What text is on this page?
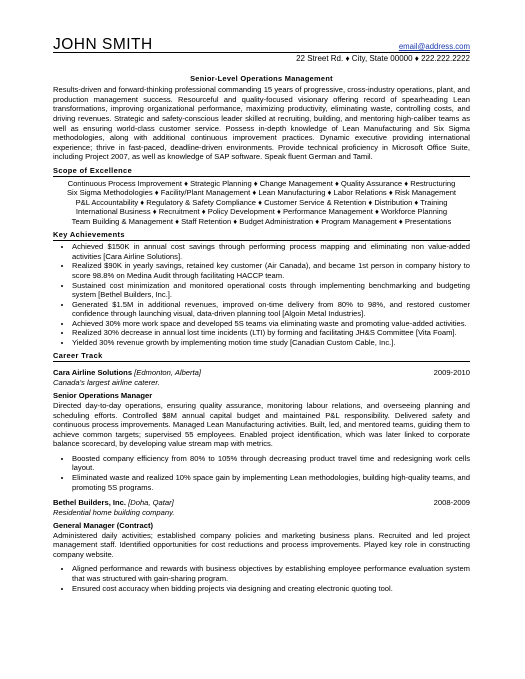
JOHN SMITH	email@address.com
22 Street Rd. ♦ City, State 00000 ♦ 222.222.2222
Senior-Level Operations Management
Results-driven and forward-thinking professional commanding 15 years of progressive, cross-industry operations, plant, and production management success. Resourceful and quality-focused visionary offering record of spearheading Lean transformations, improving organizational performance, maximizing productivity, eliminating waste, controlling costs, and driving revenues. Strategic and safety-conscious leader skilled at recruiting, building, and mentoring high-caliber teams as well as ensuring world-class customer service. Possess in-depth knowledge of Lean Manufacturing and Six Sigma methodologies, along with additional continuous improvement practices. Dynamic executive providing international experience; thrive in fast-paced, deadline-driven environments. Provide technical proficiency in Microsoft Office Suite, including Project 2007, as well as knowledge of SAP software. Speak fluent German and Tamil.
Scope of Excellence
Continuous Process Improvement ♦ Strategic Planning ♦ Change Management ♦ Quality Assurance ♦ Restructuring
Six Sigma Methodologies ♦ Facility/Plant Management ♦ Lean Manufacturing ♦ Labor Relations ♦ Risk Management
P&L Accountability ♦ Regulatory & Safety Compliance ♦ Customer Service & Retention ♦ Distribution ♦ Training
International Business ♦ Recruitment ♦ Policy Development ♦ Performance Management ♦ Workforce Planning
Team Building & Management ♦ Staff Retention ♦ Budget Administration ♦ Program Management ♦ Presentations
Key Achievements
• Achieved $150K in annual cost savings through performing process mapping and eliminating non value-added activities [Cara Airline Solutions].
• Realized $90K in yearly savings, retained key customer (Air Canada), and became 1st person in company history to score 98.8% on Medina Audit through facilitating HACCP team.
• Sustained cost minimization and monitored operational costs through implementing benchmarking and budgeting system [Bethel Builders, Inc.].
• Generated $1.5M in additional revenues, improved on-time delivery from 80% to 98%, and restored customer confidence through launching visual, data-driven planning tool [Algoin Metal Industries].
• Achieved 30% more work space and developed 5S teams via eliminating waste and promoting value-added activities.
• Realized 30% decrease in annual lost time incidents (LTI) by forming and facilitating JH&S Committee [Vita Foam].
• Yielded 30% revenue growth by implementing motion time study [Canadian Custom Cable, Inc.].
Career Track
Cara Airline Solutions [Edmonton, Alberta]	2009-2010
Canada's largest airline caterer.
Senior Operations Manager
Directed day-to-day operations, ensuring quality assurance, monitoring labour relations, and overseeing planning and scheduling efforts. Controlled $8M annual capital budget and maintained P&L responsibility. Delivered safety and continuous process improvements. Managed Lean Manufacturing activities. Built, led, and mentored teams, guiding them to achieve common targets; supervised 55 employees. Enabled project identification, which was later linked to corporate balance scorecard, by developing value stream map with metrics.
• Boosted company efficiency from 80% to 105% through decreasing product travel time and redesigning work cells layout.
• Eliminated waste and realized 10% space gain by implementing Lean methodologies, building high-quality teams, and promoting 5S programs.
Bethel Builders, Inc. [Doha, Qatar]	2008-2009
Residential home building company.
General Manager (Contract)
Administered daily activities; established company policies and marketing business plans. Recruited and led project management staff. Identified opportunities for cost reductions and process improvements. Played key role in constructing company website.
• Aligned performance and rewards with business objectives by establishing employee performance evaluation system that was structured with gain-sharing program.
• Ensured cost accuracy when bidding projects via designing and creating electronic quoting tool.
